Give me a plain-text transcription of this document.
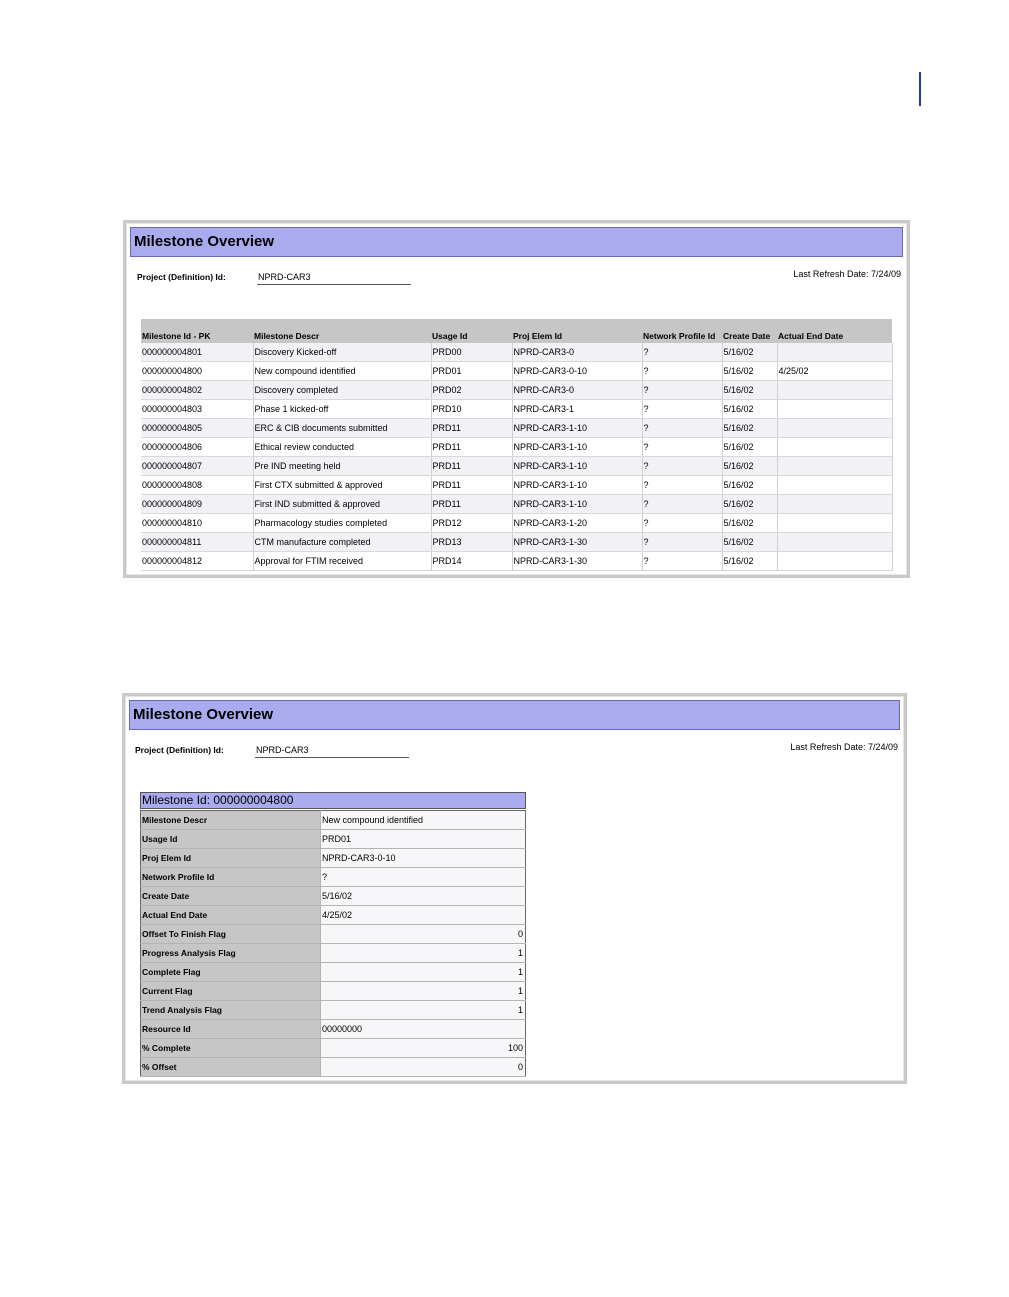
Milestone Overview
Project (Definition) Id:	NPRD-CAR3	Last Refresh Date: 7/24/09
Milestone Id - PK	Milestone Descr	Usage Id	Proj Elem Id	Network Profile Id	Create Date	Actual End Date
000000004801	Discovery Kicked-off	PRD00	NPRD-CAR3-0	?	5/16/02	
000000004800	New compound identified	PRD01	NPRD-CAR3-0-10	?	5/16/02	4/25/02
000000004802	Discovery completed	PRD02	NPRD-CAR3-0	?	5/16/02	
000000004803	Phase 1 kicked-off	PRD10	NPRD-CAR3-1	?	5/16/02	
000000004805	ERC & CIB documents submitted	PRD11	NPRD-CAR3-1-10	?	5/16/02	
000000004806	Ethical review conducted	PRD11	NPRD-CAR3-1-10	?	5/16/02	
000000004807	Pre IND meeting held	PRD11	NPRD-CAR3-1-10	?	5/16/02	
000000004808	First CTX submitted & approved	PRD11	NPRD-CAR3-1-10	?	5/16/02	
000000004809	First IND submitted & approved	PRD11	NPRD-CAR3-1-10	?	5/16/02	
000000004810	Pharmacology studies completed	PRD12	NPRD-CAR3-1-20	?	5/16/02	
000000004811	CTM manufacture completed	PRD13	NPRD-CAR3-1-30	?	5/16/02	
000000004812	Approval for FTIM received	PRD14	NPRD-CAR3-1-30	?	5/16/02	
Milestone Overview
Project (Definition) Id:	NPRD-CAR3	Last Refresh Date: 7/24/09
Milestone Id: 000000004800
Milestone Descr	New compound identified
Usage Id	PRD01
Proj Elem Id	NPRD-CAR3-0-10
Network Profile Id	?
Create Date	5/16/02
Actual End Date	4/25/02
Offset To Finish Flag	0
Progress Analysis Flag	1
Complete Flag	1
Current Flag	1
Trend Analysis Flag	1
Resource Id	00000000
% Complete	100
% Offset	0
